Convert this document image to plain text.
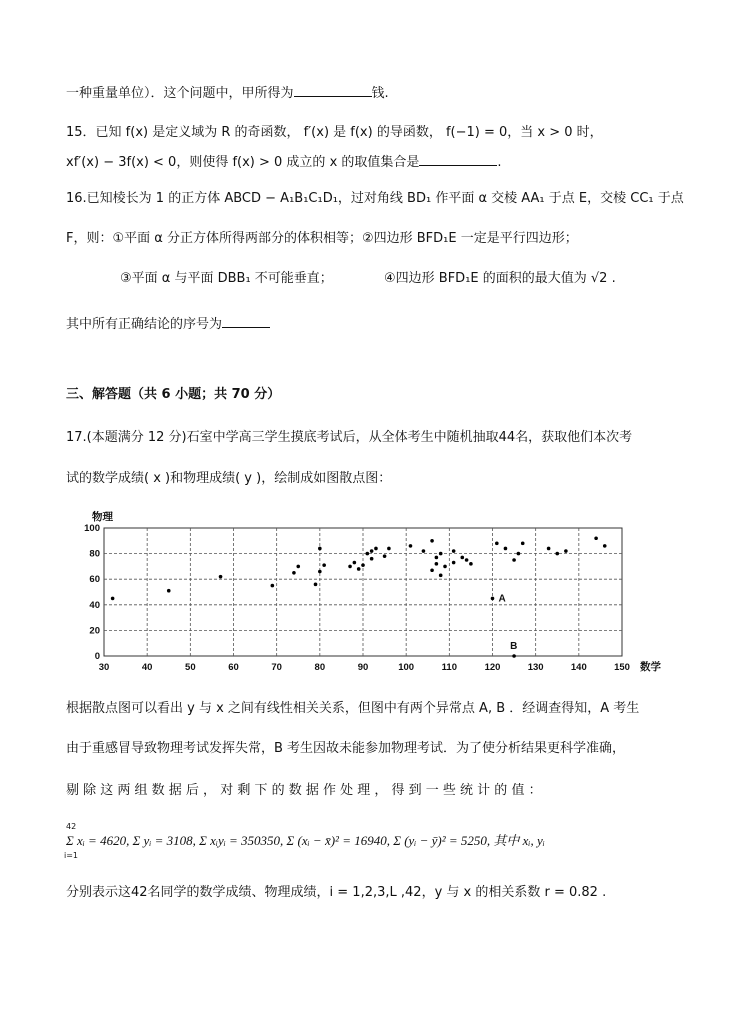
一种重量单位）．这个问题中，甲所得为	钱.
15．已知 f(x) 是定义域为 R 的奇函数， f′(x) 是 f(x) 的导函数， f(−1) = 0，当 x > 0 时，
xf′(x) − 3f(x) < 0，则使得 f(x) > 0 成立的 x 的取值集合是	.
16.已知棱长为 1 的正方体 ABCD − A₁B₁C₁D₁，过对角线 BD₁ 作平面 α 交棱 AA₁ 于点 E，交棱 CC₁ 于点
F，则：①平面 α 分正方体所得两部分的体积相等；②四边形 BFD₁E 一定是平行四边形；
③平面 α 与平面 DBB₁ 不可能垂直；	④四边形 BFD₁E 的面积的最大值为 √2 .
其中所有正确结论的序号为
三、解答题（共 6 小题；共 70 分）
17.(本题满分 12 分)石室中学高三学生摸底考试后，从全体考生中随机抽取44名，获取他们本次考
试的数学成绩( x )和物理成绩( y )，绘制成如图散点图：
30	40	50	60	70	80	90	100	110	120	130	140	150
0
20
40
60
80
100
物理
数学
A
B
根据散点图可以看出 y 与 x 之间有线性相关关系，但图中有两个异常点 A, B ．经调查得知，A 考生
由于重感冒导致物理考试发挥失常，B 考生因故未能参加物理考试．为了使分析结果更科学准确，
剔 除 这 两 组 数 据 后 ， 对 剩 下 的 数 据 作 处 理 ， 得 到 一 些 统 计 的 值 ：
42
Σ xᵢ = 4620, Σ yᵢ = 3108, Σ xᵢyᵢ = 350350, Σ (xᵢ − x̄)² = 16940, Σ (yᵢ − ȳ)² = 5250, 其中 xᵢ, yᵢ
i=1
分别表示这42名同学的数学成绩、物理成绩，i = 1,2,3,L ,42，y 与 x 的相关系数 r = 0.82 .
